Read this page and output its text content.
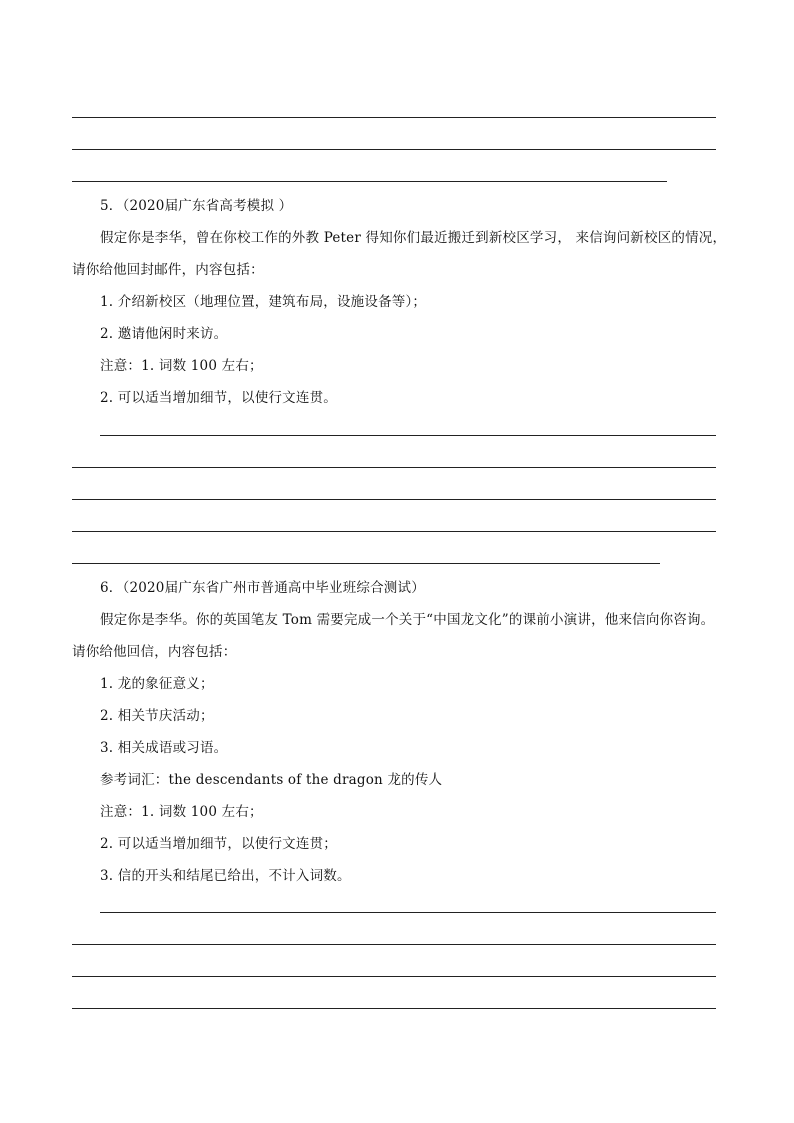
5．（2020届广东省高考模拟 ）
假定你是李华，曾在你校工作的外教 Peter 得知你们最近搬迁到新校区学习， 来信询问新校区的情况，
请你给他回封邮件，内容包括：
1. 介绍新校区（地理位置，建筑布局，设施设备等）；
2. 邀请他闲时来访。
注意：1. 词数 100 左右；
2. 可以适当增加细节，以使行文连贯。
6．（2020届广东省广州市普通高中毕业班综合测试）
假定你是李华。你的英国笔友 Tom 需要完成一个关于“中国龙文化”的课前小演讲，他来信向你咨询。
请你给他回信，内容包括：
1. 龙的象征意义；
2. 相关节庆活动；
3. 相关成语或习语。
参考词汇：the descendants of the dragon 龙的传人
注意：1. 词数 100 左右；
2. 可以适当增加细节，以使行文连贯；
3. 信的开头和结尾已给出，不计入词数。
